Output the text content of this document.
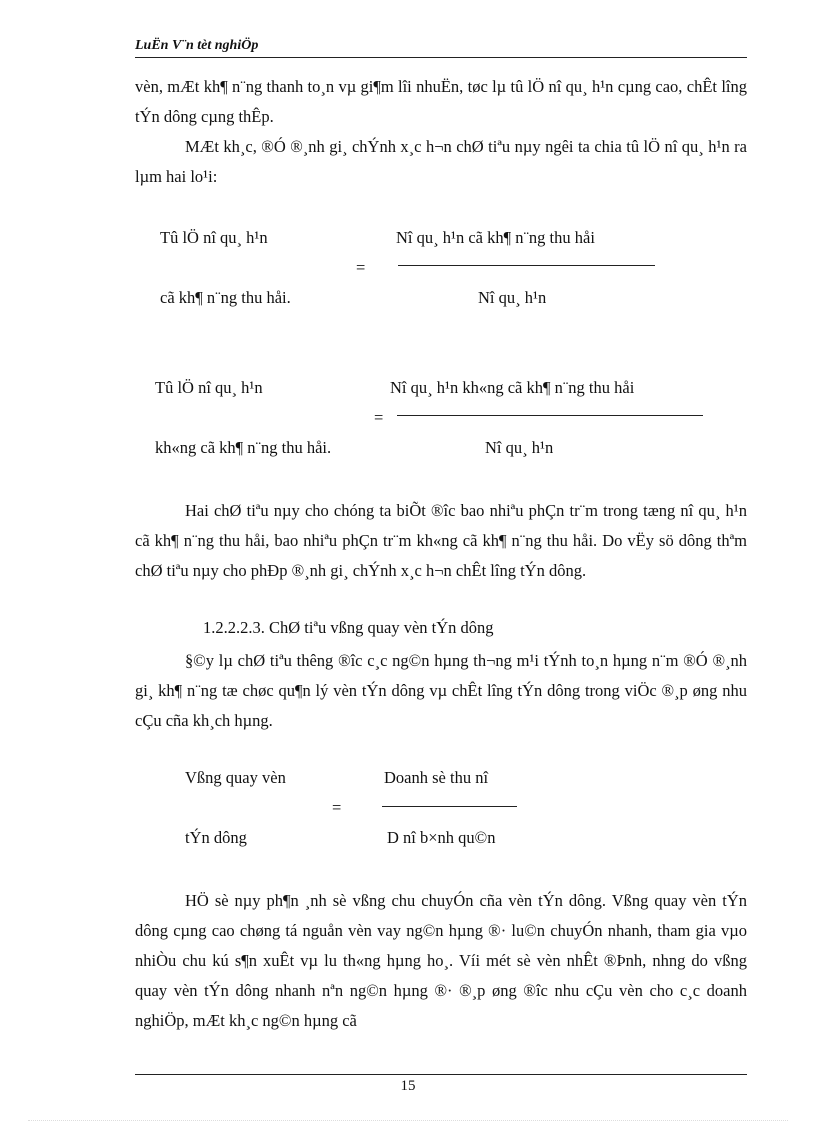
LuËn V¨n tèt nghiÖp

vèn, mÆt kh¶ n¨ng thanh to¸n vµ gi¶m lîi nhuËn, tøc lµ tû lÖ nî qu¸ h¹n cµng cao, chÊt lîng tÝn dông cµng thÊp.

MÆt kh¸c, ®Ó ®¸nh gi¸ chÝnh x¸c h¬n chØ tiªu nµy ngêi ta chia tû lÖ nî qu¸ h¹n ra lµm hai lo¹i:

Tû lÖ nî qu¸ h¹n
cã kh¶ n¨ng thu håi.
=
Nî qu¸ h¹n cã kh¶ n¨ng thu håi
Nî qu¸ h¹n
Tû lÖ nî qu¸ h¹n
kh«ng cã kh¶ n¨ng thu håi.
=
Nî qu¸ h¹n kh«ng cã kh¶ n¨ng thu håi
Nî qu¸ h¹n

Hai chØ tiªu nµy cho chóng ta biÕt ®îc bao nhiªu phÇn tr¨m trong tæng nî qu¸ h¹n cã kh¶ n¨ng thu håi, bao nhiªu phÇn tr¨m kh«ng cã kh¶ n¨ng thu håi. Do vËy sö dông thªm chØ tiªu nµy cho phÐp ®¸nh gi¸ chÝnh x¸c h¬n chÊt lîng tÝn dông.

1.2.2.2.3. ChØ tiªu vßng quay vèn tÝn dông

§©y lµ chØ tiªu thêng ®îc c¸c ng©n hµng th¬ng m¹i tÝnh to¸n hµng n¨m ®Ó ®¸nh gi¸ kh¶ n¨ng tæ chøc qu¶n lý vèn tÝn dông vµ chÊt lîng tÝn dông trong viÖc ®¸p øng nhu cÇu cña kh¸ch hµng.

Vßng quay vèn
tÝn dông
=
Doanh sè thu nî
D nî b×nh qu©n

HÖ sè nµy ph¶n ¸nh sè vßng chu chuyÓn cña vèn tÝn dông. Vßng quay vèn tÝn dông cµng cao chøng tá nguån vèn vay ng©n hµng ®· lu©n chuyÓn nhanh, tham gia vµo nhiÒu chu kú s¶n xuÊt vµ lu th«ng hµng ho¸. Víi mét sè vèn nhÊt ®Þnh, nhng do vßng quay vèn tÝn dông nhanh nªn ng©n hµng ®· ®¸p øng ®îc nhu cÇu vèn cho c¸c doanh nghiÖp, mÆt kh¸c ng©n hµng cã

15
